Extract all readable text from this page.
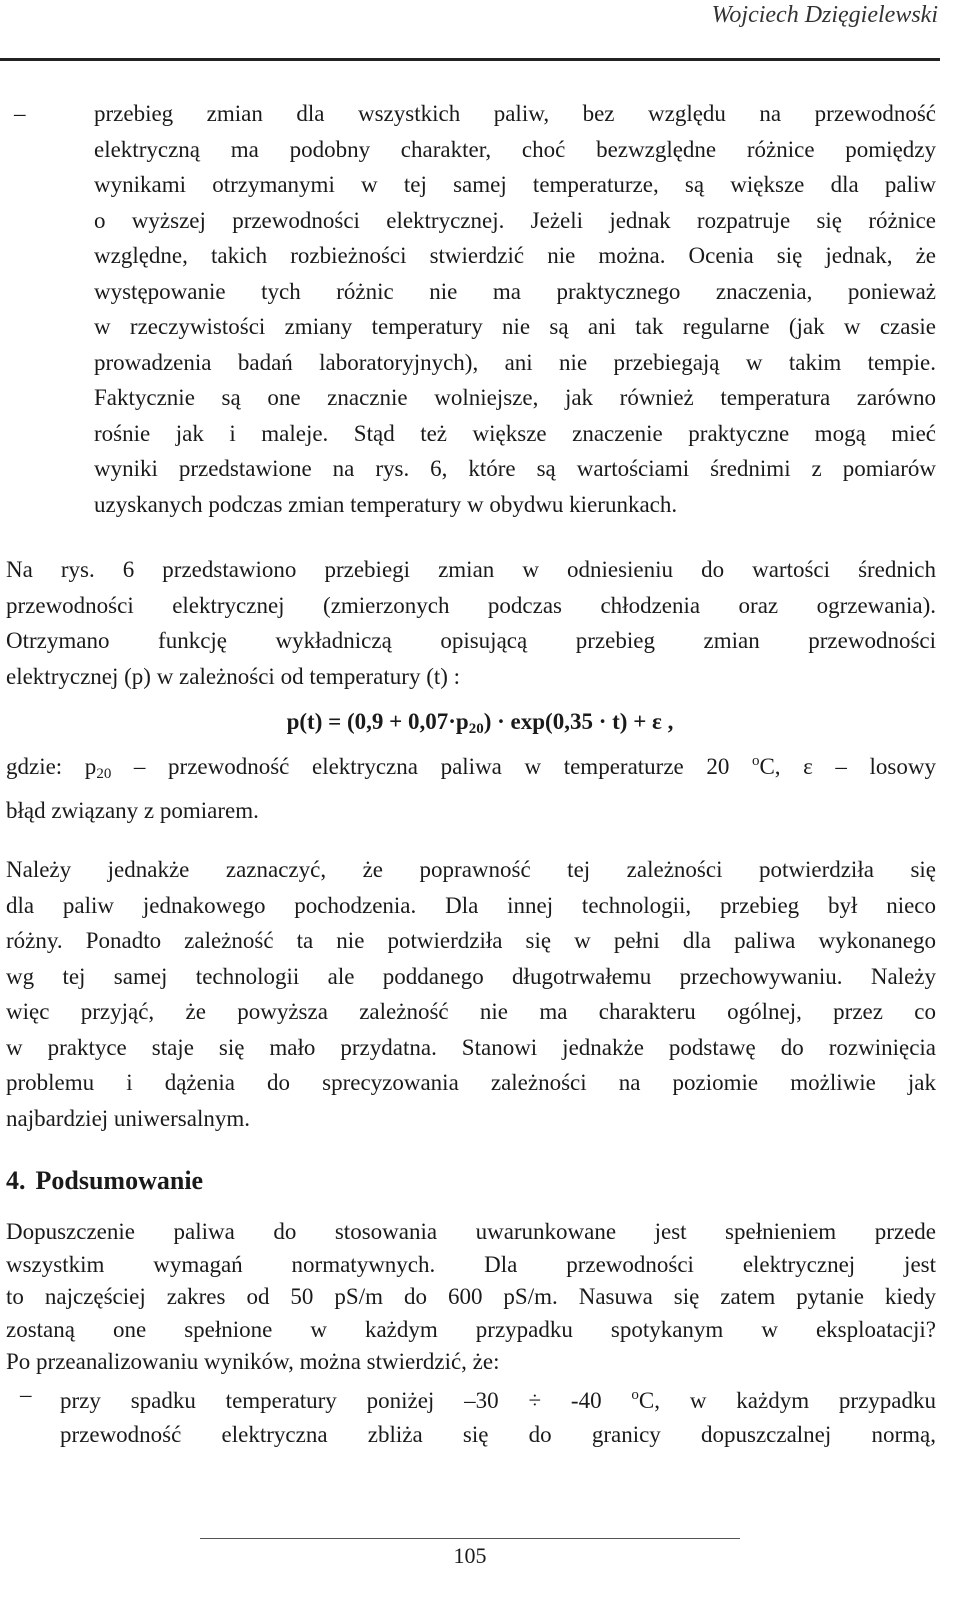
Wojciech Dzięgielewski
–	przebieg zmian dla wszystkich paliw, bez względu na przewodność
elektryczną ma podobny charakter, choć bezwzględne różnice pomiędzy
wynikami otrzymanymi w tej samej temperaturze, są większe dla paliw
o wyższej przewodności elektrycznej. Jeżeli jednak rozpatruje się różnice
względne, takich rozbieżności stwierdzić nie można. Ocenia się jednak, że
występowanie tych różnic nie ma praktycznego znaczenia, ponieważ
w rzeczywistości zmiany temperatury nie są ani tak regularne (jak w czasie
prowadzenia badań laboratoryjnych), ani nie przebiegają w takim tempie.
Faktycznie są one znacznie wolniejsze, jak również temperatura zarówno
rośnie jak i maleje. Stąd też większe znaczenie praktyczne mogą mieć
wyniki przedstawione na rys. 6, które są wartościami średnimi z pomiarów
uzyskanych podczas zmian temperatury w obydwu kierunkach.
Na rys. 6 przedstawiono przebiegi zmian w odniesieniu do wartości średnich
przewodności elektrycznej (zmierzonych podczas chłodzenia oraz ogrzewania).
Otrzymano funkcję wykładniczą opisującą przebieg zmian przewodności
elektrycznej (p) w zależności od temperatury (t) :
$p(t) = (0,9 + 0,07\cdot p_{20}) \cdot \exp(0,35 \cdot t) + \varepsilon$ ,
gdzie: $p_{20}$ – przewodność elektryczna paliwa w temperaturze 20 $^o$C, ε – losowy
błąd związany z pomiarem.
Należy jednakże zaznaczyć, że poprawność tej zależności potwierdziła się
dla paliw jednakowego pochodzenia. Dla innej technologii, przebieg był nieco
różny. Ponadto zależność ta nie potwierdziła się w pełni dla paliwa wykonanego
wg tej samej technologii ale poddanego długotrwałemu przechowywaniu. Należy
więc przyjąć, że powyższa zależność nie ma charakteru ogólnej, przez co
w praktyce staje się mało przydatna. Stanowi jednakże podstawę do rozwinięcia
problemu i dążenia do sprecyzowania zależności na poziomie możliwie jak
najbardziej uniwersalnym.
4. Podsumowanie
Dopuszczenie paliwa do stosowania uwarunkowane jest spełnieniem przede
wszystkim wymagań normatywnych. Dla przewodności elektrycznej jest
to najczęściej zakres od 50 pS/m do 600 pS/m. Nasuwa się zatem pytanie kiedy
zostaną one spełnione w każdym przypadku spotykanym w eksploatacji?
Po przeanalizowaniu wyników, można stwierdzić, że:
– przy spadku temperatury poniżej –30 ÷ -40 $^o$C, w każdym przypadku
przewodność elektryczna zbliża się do granicy dopuszczalnej normą,
105
